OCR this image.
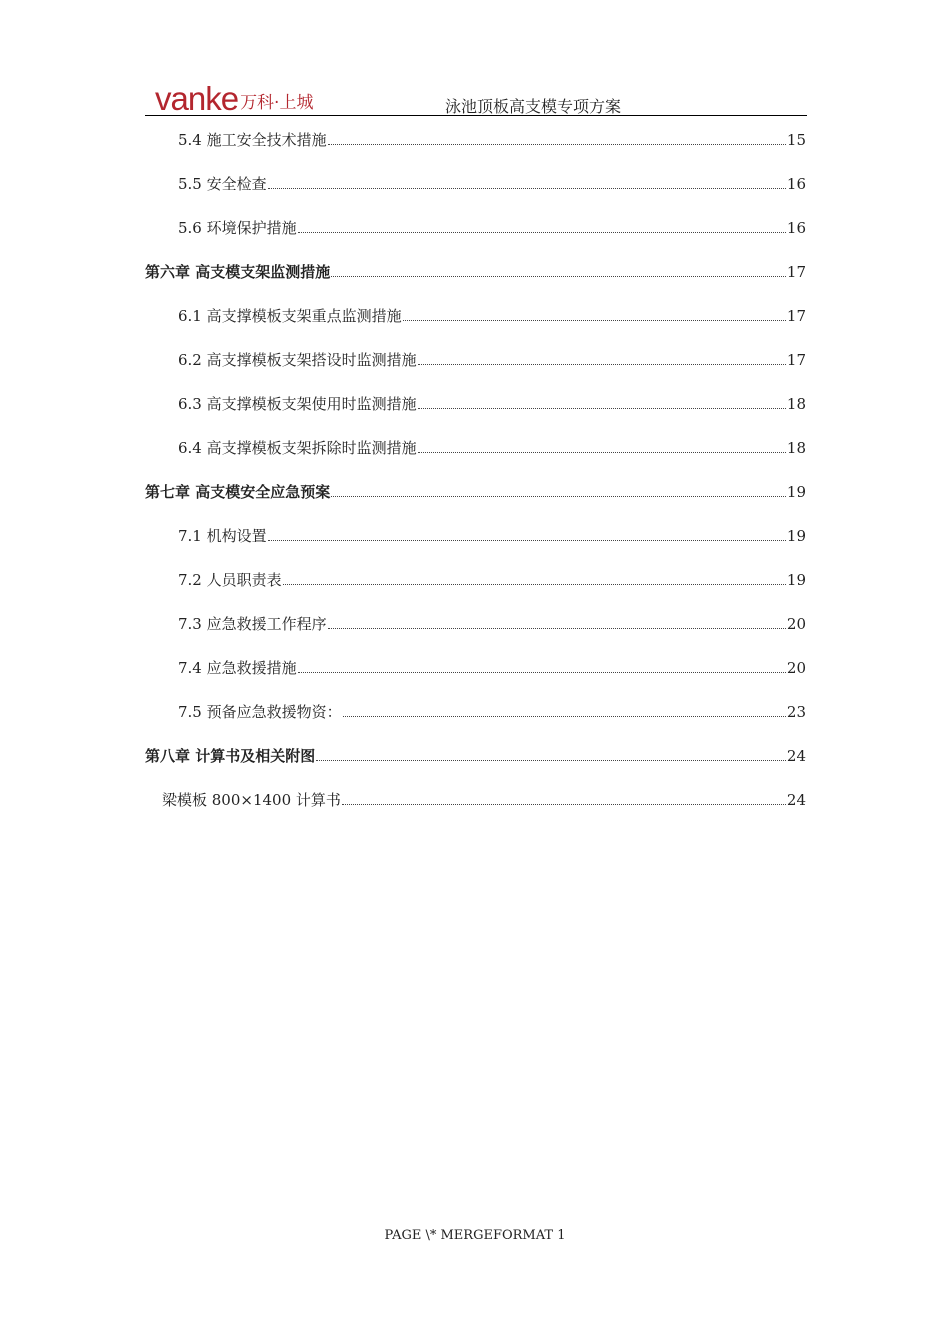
vanke 万科·上城	泳池顶板高支模专项方案
5.4 施工安全技术措施	15
5.5 安全检查	16
5.6 环境保护措施	16
第六章 高支模支架监测措施	17
6.1 高支撑模板支架重点监测措施	17
6.2 高支撑模板支架搭设时监测措施	17
6.3 高支撑模板支架使用时监测措施	18
6.4 高支撑模板支架拆除时监测措施	18
第七章 高支模安全应急预案	19
7.1 机构设置	19
7.2 人员职责表	19
7.3 应急救援工作程序	20
7.4 应急救援措施	20
7.5 预备应急救援物资：	23
第八章 计算书及相关附图	24
梁模板 800×1400 计算书	24
PAGE \* MERGEFORMAT 1
